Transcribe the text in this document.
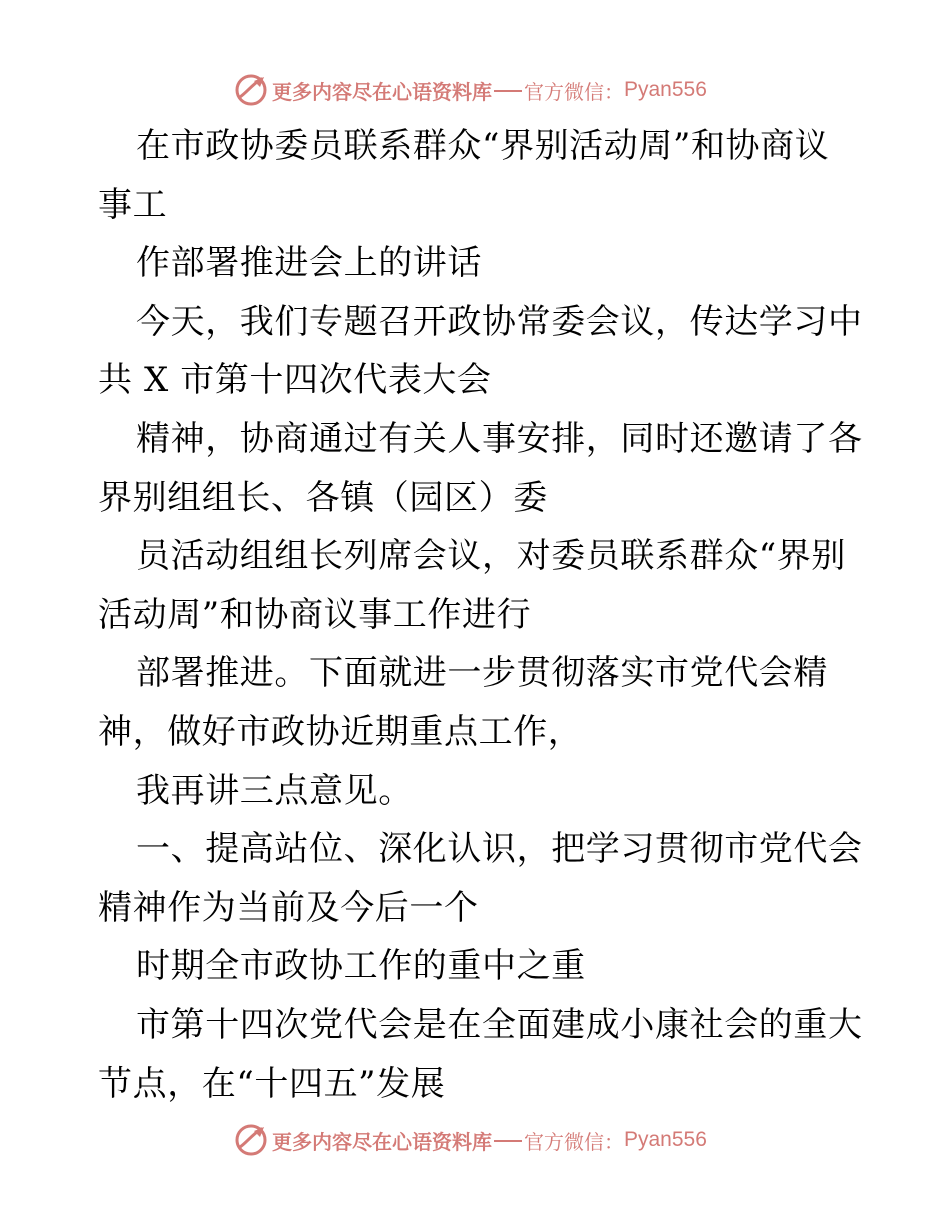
更多内容尽在心语资料库 官方微信： Pyan556
在市政协委员联系群众“界别活动周”和协商议
事工
作部署推进会上的讲话
今天，我们专题召开政协常委会议，传达学习中
共 X 市第十四次代表大会
精神，协商通过有关人事安排，同时还邀请了各
界别组组长、各镇（园区）委
员活动组组长列席会议，对委员联系群众“界别
活动周”和协商议事工作进行
部署推进。下面就进一步贯彻落实市党代会精
神，做好市政协近期重点工作，
我再讲三点意见。
一、提高站位、深化认识，把学习贯彻市党代会
精神作为当前及今后一个
时期全市政协工作的重中之重
市第十四次党代会是在全面建成小康社会的重大
节点，在“十四五”发展
更多内容尽在心语资料库 官方微信： Pyan556
